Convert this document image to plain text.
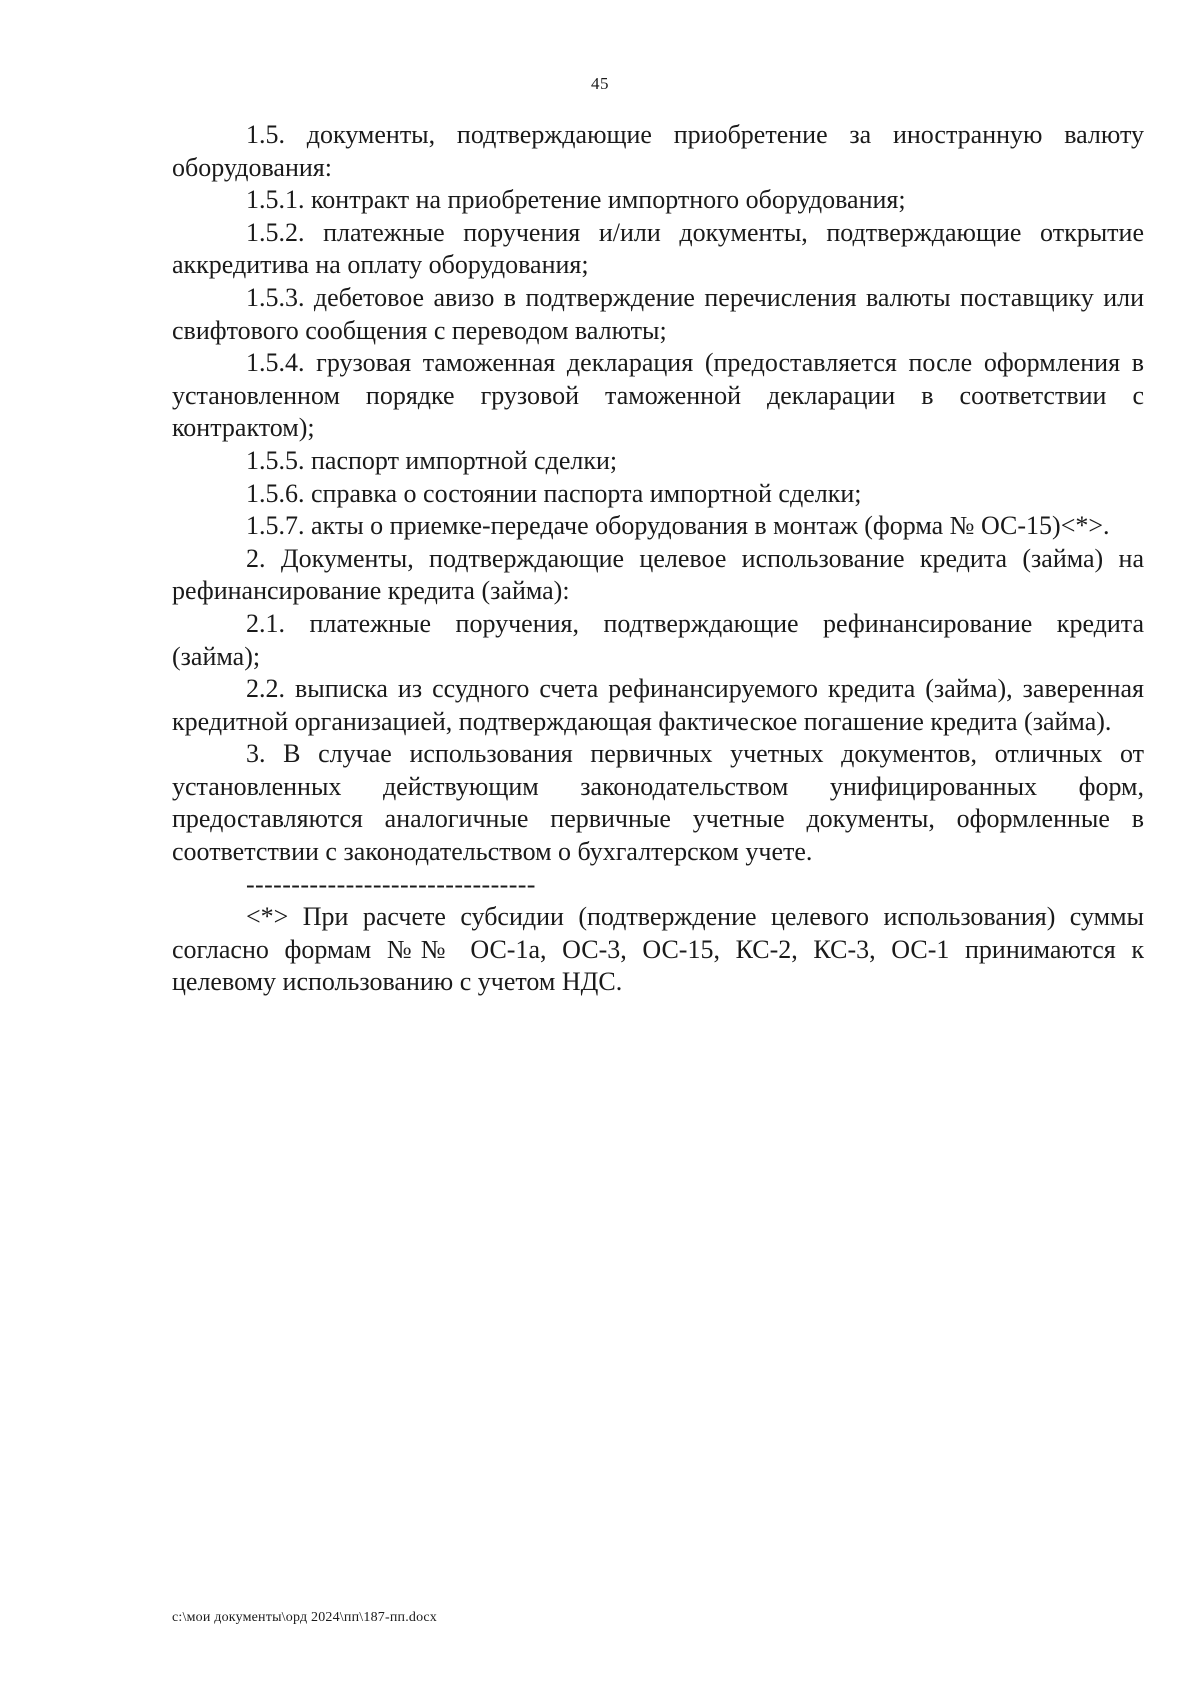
45

1.5. документы, подтверждающие приобретение за иностранную валюту оборудования:

1.5.1. контракт на приобретение импортного оборудования;

1.5.2. платежные поручения и/или документы, подтверждающие открытие аккредитива на оплату оборудования;

1.5.3. дебетовое авизо в подтверждение перечисления валюты поставщику или свифтового сообщения с переводом валюты;

1.5.4. грузовая таможенная декларация (предоставляется после оформления в установленном порядке грузовой таможенной декларации в соответствии с контрактом);

1.5.5. паспорт импортной сделки;

1.5.6. справка о состоянии паспорта импортной сделки;

1.5.7. акты о приемке-передаче оборудования в монтаж (форма № ОС-15)<*>.

2. Документы, подтверждающие целевое использование кредита (займа) на рефинансирование кредита (займа):

2.1. платежные поручения, подтверждающие рефинансирование кредита (займа);

2.2. выписка из ссудного счета рефинансируемого кредита (займа), заверенная кредитной организацией, подтверждающая фактическое погашение кредита (займа).

3. В случае использования первичных учетных документов, отличных от установленных действующим законодательством унифицированных форм, предоставляются аналогичные первичные учетные документы, оформленные в соответствии с законодательством о бухгалтерском учете.

--------------------------------

<*> При расчете субсидии (подтверждение целевого использования) суммы согласно формам №№ ОС-1а, ОС-3, ОС-15, КС-2, КС-3, ОС-1 принимаются к целевому использованию с учетом НДС.

c:\мои документы\орд 2024\пп\187-пп.docx
